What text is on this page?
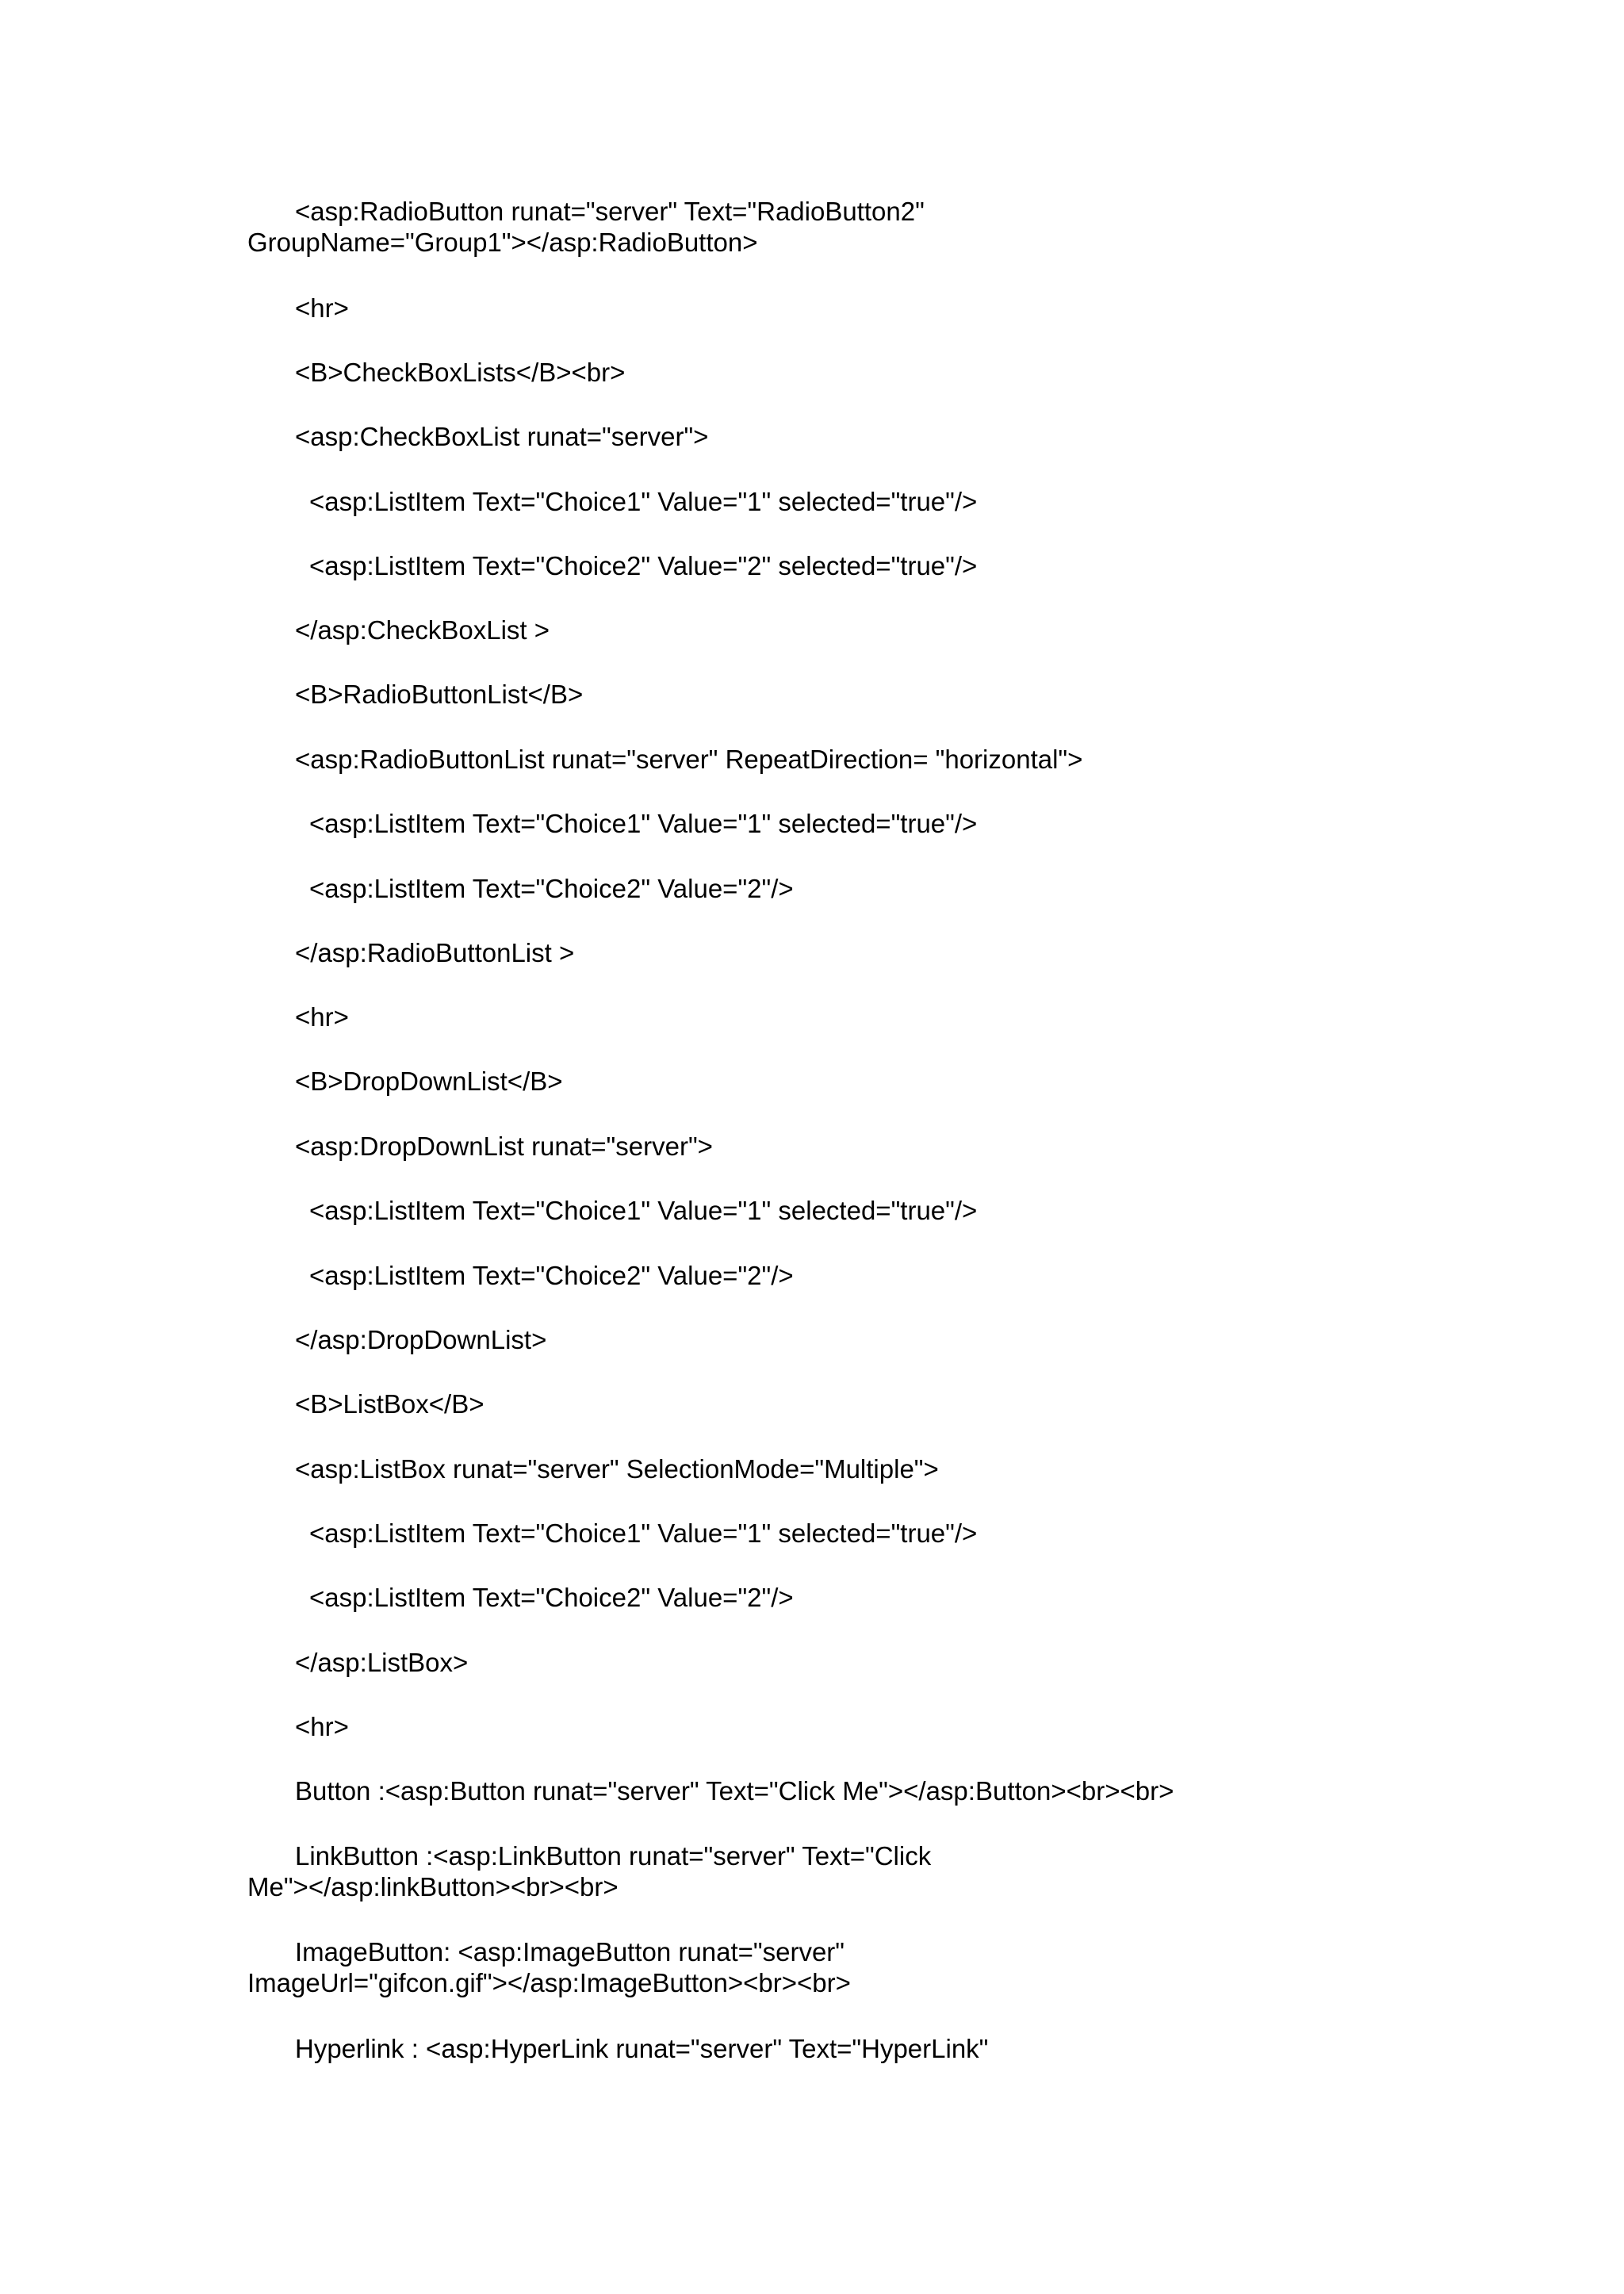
<asp:RadioButton runat="server" Text="RadioButton2"
GroupName="Group1"></asp:RadioButton>
<hr>
<B>CheckBoxLists</B><br>
<asp:CheckBoxList runat="server">
<asp:ListItem Text="Choice1" Value="1" selected="true"/>
<asp:ListItem Text="Choice2" Value="2" selected="true"/>
</asp:CheckBoxList >
<B>RadioButtonList</B>
<asp:RadioButtonList runat="server" RepeatDirection= "horizontal">
<asp:ListItem Text="Choice1" Value="1" selected="true"/>
<asp:ListItem Text="Choice2" Value="2"/>
</asp:RadioButtonList >
<hr>
<B>DropDownList</B>
<asp:DropDownList runat="server">
<asp:ListItem Text="Choice1" Value="1" selected="true"/>
<asp:ListItem Text="Choice2" Value="2"/>
</asp:DropDownList>
<B>ListBox</B>
<asp:ListBox runat="server" SelectionMode="Multiple">
<asp:ListItem Text="Choice1" Value="1" selected="true"/>
<asp:ListItem Text="Choice2" Value="2"/>
</asp:ListBox>
<hr>
Button :<asp:Button runat="server" Text="Click Me"></asp:Button><br><br>
LinkButton :<asp:LinkButton runat="server" Text="Click
Me"></asp:linkButton><br><br>
ImageButton: <asp:ImageButton runat="server"
ImageUrl="gifcon.gif"></asp:ImageButton><br><br>
Hyperlink : <asp:HyperLink runat="server" Text="HyperLink"
